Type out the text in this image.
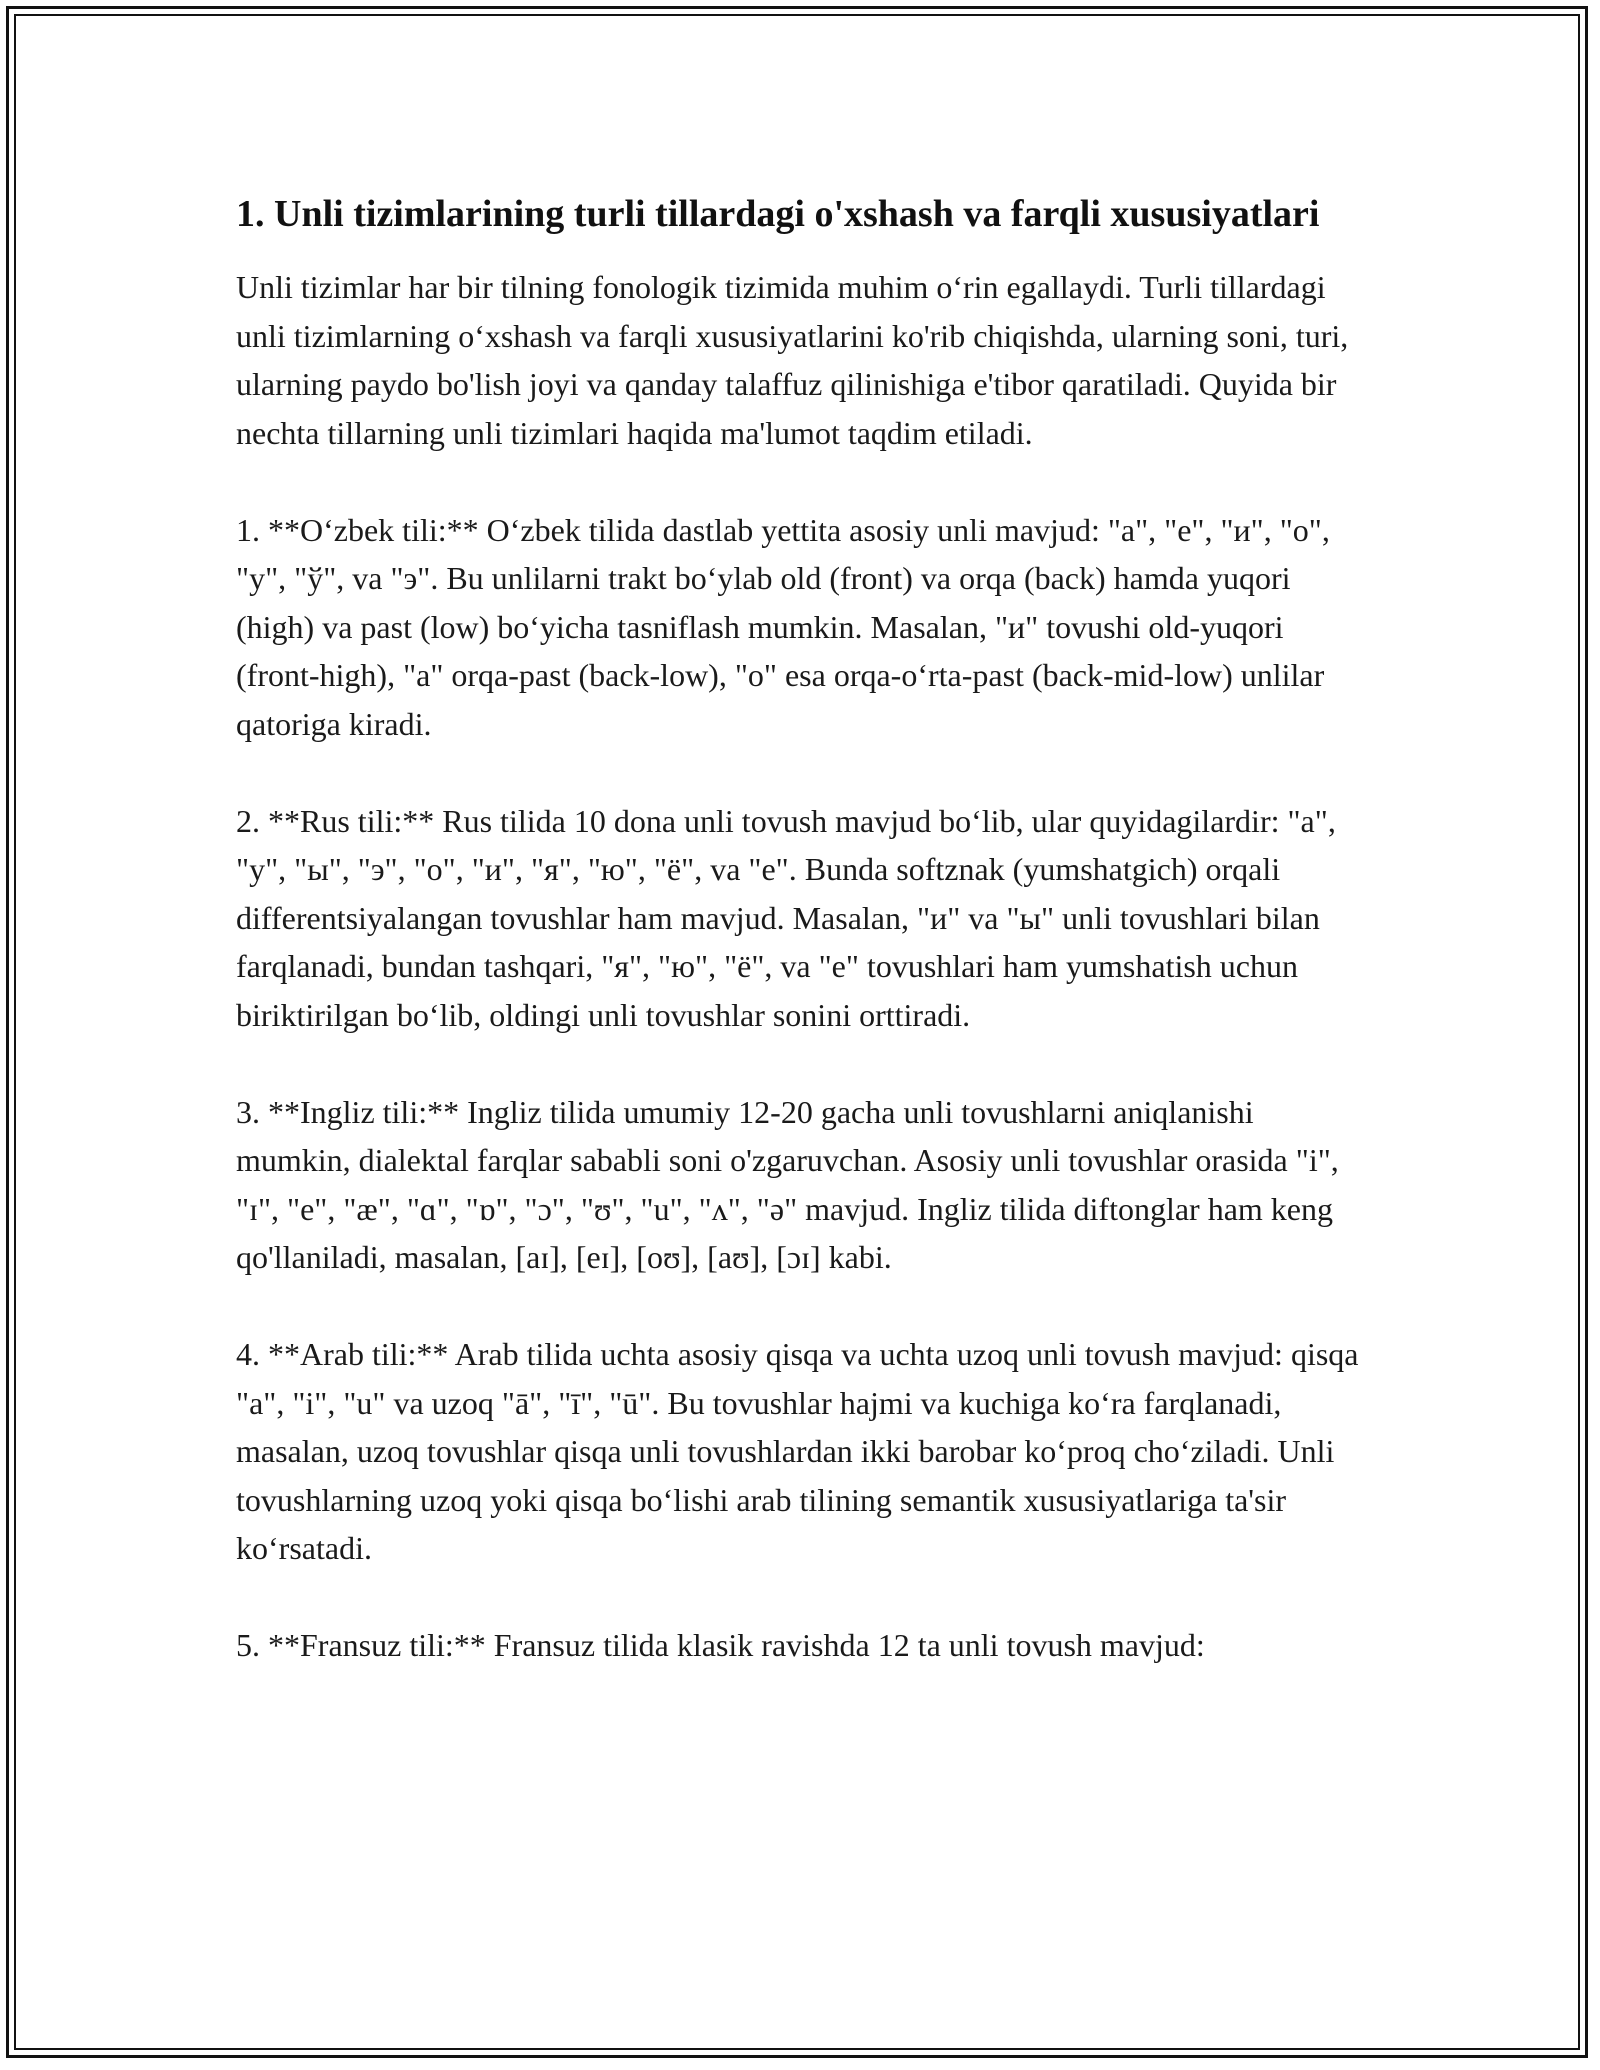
1. Unli tizimlarining turli tillardagi o'xshash va farqli xususiyatlari

Unli tizimlar har bir tilning fonologik tizimida muhim oʻrin egallaydi. Turli tillardagi unli tizimlarning oʻxshash va farqli xususiyatlarini ko'rib chiqishda, ularning soni, turi, ularning paydo bo'lish joyi va qanday talaffuz qilinishiga e'tibor qaratiladi. Quyida bir nechta tillarning unli tizimlari haqida ma'lumot taqdim etiladi.

1. **Oʻzbek tili:** Oʻzbek tilida dastlab yettita asosiy unli mavjud: "a", "e", "и", "o", "y", "ў", va "э". Bu unlilarni trakt boʻylab old (front) va orqa (back) hamda yuqori (high) va past (low) boʻyicha tasniflash mumkin. Masalan, "и" tovushi old-yuqori (front-high), "a" orqa-past (back-low), "o" esa orqa-oʻrta-past (back-mid-low) unlilar qatoriga kiradi.

2. **Rus tili:** Rus tilida 10 dona unli tovush mavjud boʻlib, ular quyidagilardir: "а", "у", "ы", "э", "о", "и", "я", "ю", "ё", va "е". Bunda softznak (yumshatgich) orqali differentsiyalangan tovushlar ham mavjud. Masalan, "и" va "ы" unli tovushlari bilan farqlanadi, bundan tashqari, "я", "ю", "ё", va "е" tovushlari ham yumshatish uchun biriktirilgan boʻlib, oldingi unli tovushlar sonini orttiradi.

3. **Ingliz tili:** Ingliz tilida umumiy 12-20 gacha unli tovushlarni aniqlanishi mumkin, dialektal farqlar sababli soni o'zgaruvchan. Asosiy unli tovushlar orasida "i", "ɪ", "e", "æ", "ɑ", "ɒ", "ɔ", "ʊ", "u", "ʌ", "ə" mavjud. Ingliz tilida diftonglar ham keng qo'llaniladi, masalan, [aɪ], [eɪ], [oʊ], [aʊ], [ɔɪ] kabi.

4. **Arab tili:** Arab tilida uchta asosiy qisqa va uchta uzoq unli tovush mavjud: qisqa "a", "i", "u" va uzoq "ā", "ī", "ū". Bu tovushlar hajmi va kuchiga koʻra farqlanadi, masalan, uzoq tovushlar qisqa unli tovushlardan ikki barobar koʻproq choʻziladi. Unli tovushlarning uzoq yoki qisqa boʻlishi arab tilining semantik xususiyatlariga ta'sir koʻrsatadi.

5. **Fransuz tili:** Fransuz tilida klasik ravishda 12 ta unli tovush mavjud:
